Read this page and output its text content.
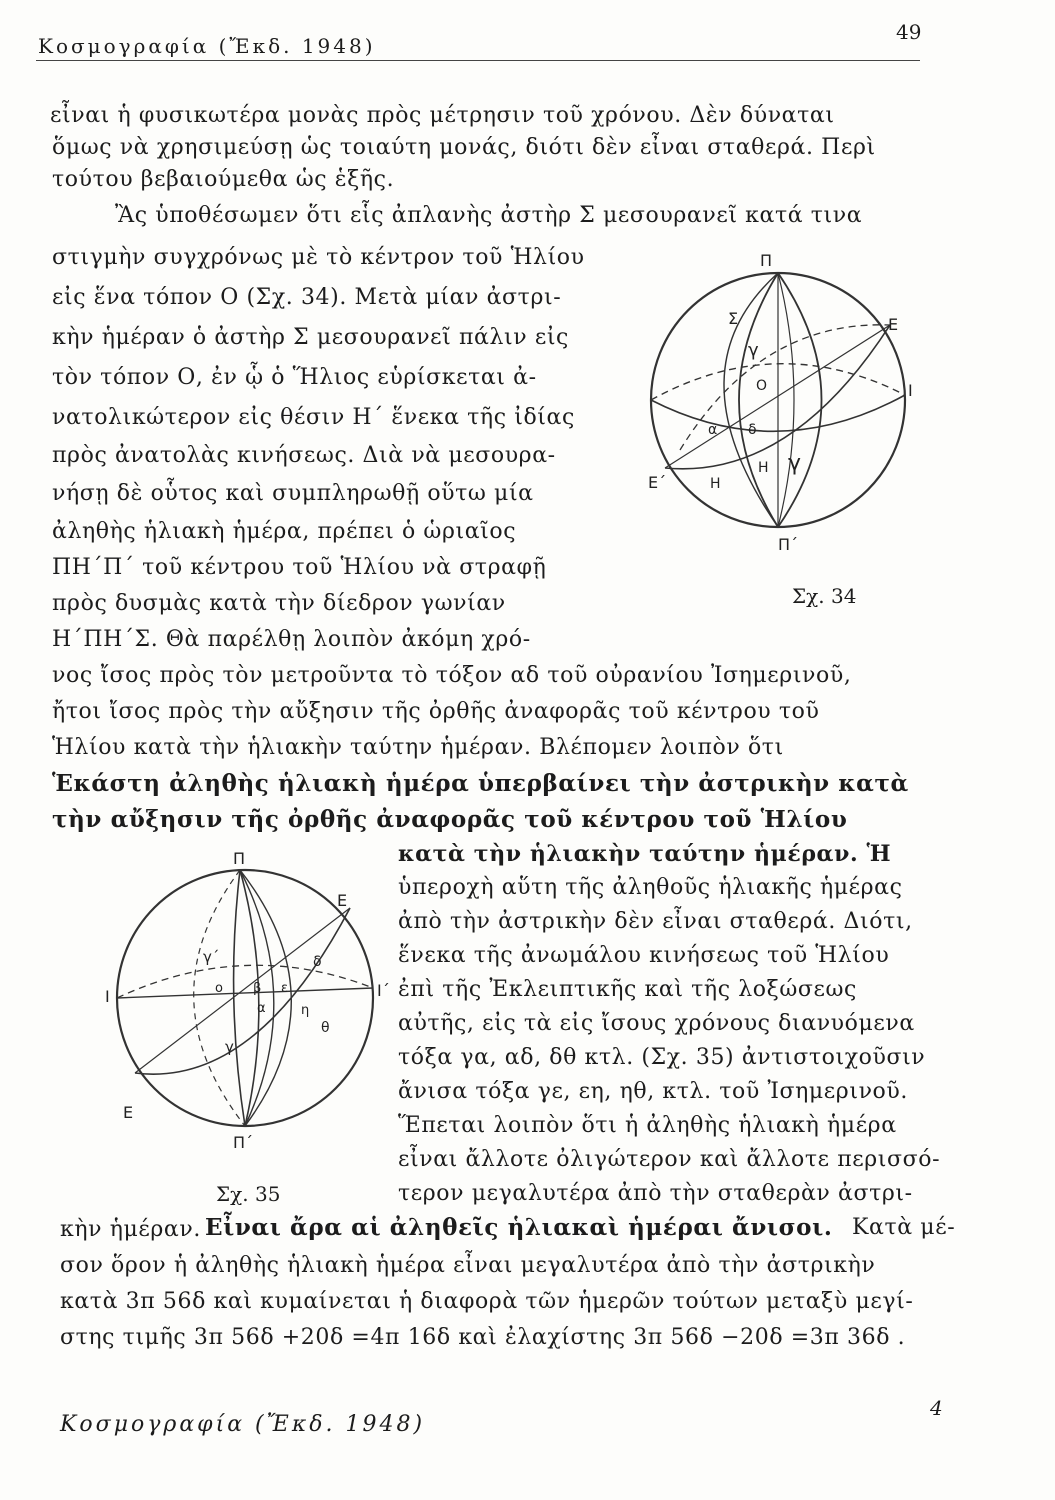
Κοσμογραφία (Ἔκδ. 1948)
49
εἶναι ἡ φυσικωτέρα μονὰς πρὸς μέτρησιν τοῦ χρόνου. Δὲν δύναται
ὅμως νὰ χρησιμεύσῃ ὡς τοιαύτη μονάς, διότι δὲν εἶναι σταθερά. Περὶ
τούτου βεβαιούμεθα ὡς ἑξῆς.
Ἂς ὑποθέσωμεν ὅτι εἷς ἀπλανὴς ἀστὴρ Σ μεσουρανεῖ κατά τινα
στιγμὴν συγχρόνως μὲ τὸ κέντρον τοῦ Ἡλίου
εἰς ἕνα τόπον Ο (Σχ. 34). Μετὰ μίαν ἀστρι-
κὴν ἡμέραν ὁ ἀστὴρ Σ μεσουρανεῖ πάλιν εἰς
τὸν τόπον Ο, ἐν ᾧ ὁ Ἥλιος εὑρίσκεται ἀ-
νατολικώτερον εἰς θέσιν Η΄ ἕνεκα τῆς ἰδίας
πρὸς ἀνατολὰς κινήσεως. Διὰ νὰ μεσουρα-
νήσῃ δὲ οὗτος καὶ συμπληρωθῇ οὕτω μία
ἀληθὴς ἡλιακὴ ἡμέρα, πρέπει ὁ ὡριαῖος
ΠΗ΄Π΄ τοῦ κέντρου τοῦ Ἡλίου νὰ στραφῇ
πρὸς δυσμὰς κατὰ τὴν δίεδρον γωνίαν
Η΄ΠΗ΄Σ. Θὰ παρέλθῃ λοιπὸν ἀκόμη χρό-
νος ἴσος πρὸς τὸν μετροῦντα τὸ τόξον αδ τοῦ οὐρανίου Ἰσημερινοῦ,
ἤτοι ἴσος πρὸς τὴν αὔξησιν τῆς ὀρθῆς ἀναφορᾶς τοῦ κέντρου τοῦ
Ἡλίου κατὰ τὴν ἡλιακὴν ταύτην ἡμέραν. Βλέπομεν λοιπὸν ὅτι
Ἑκάστη ἀληθὴς ἡλιακὴ ἡμέρα ὑπερβαίνει τὴν ἀστρικὴν κατὰ
τὴν αὔξησιν τῆς ὀρθῆς ἀναφορᾶς τοῦ κέντρου τοῦ Ἡλίου
κατὰ τὴν ἡλιακὴν ταύτην ἡμέραν. Ἡ
ὑπεροχὴ αὕτη τῆς ἀληθοῦς ἡλιακῆς ἡμέρας
ἀπὸ τὴν ἀστρικὴν δὲν εἶναι σταθερά. Διότι,
ἕνεκα τῆς ἀνωμάλου κινήσεως τοῦ Ἡλίου
ἐπὶ τῆς Ἐκλειπτικῆς καὶ τῆς λοξώσεως
αὐτῆς, εἰς τὰ εἰς ἴσους χρόνους διανυόμενα
τόξα γα, αδ, δθ κτλ. (Σχ. 35) ἀντιστοιχοῦσιν
ἄνισα τόξα γε, εη, ηθ, κτλ. τοῦ Ἰσημερινοῦ.
Ἕπεται λοιπὸν ὅτι ἡ ἀληθὴς ἡλιακὴ ἡμέρα
εἶναι ἄλλοτε ὀλιγώτερον καὶ ἄλλοτε περισσό-
τερον μεγαλυτέρα ἀπὸ τὴν σταθερὰν ἀστρι-
κὴν ἡμέραν. Εἶναι ἄρα αἱ ἀληθεῖς ἡλιακαὶ ἡμέραι ἄνισοι. Κατὰ μέ-
σον ὅρον ἡ ἀληθὴς ἡλιακὴ ἡμέρα εἶναι μεγαλυτέρα ἀπὸ τὴν ἀστρικὴν
κατὰ 3π 56δ καὶ κυμαίνεται ἡ διαφορὰ τῶν ἡμερῶν τούτων μεταξὺ μεγί-
στης τιμῆς 3π 56δ +20δ =4π 16δ καὶ ἐλαχίστης 3π 56δ −20δ =3π 36δ .
Π
Π΄
Σ	Ε
Ε΄
Ι
Ο
Η
Η
α δ
γ
γ
Σχ. 34
Π
Π΄
Ε
Ε
Ι	Ι΄
ο
γ΄
γ
α
β
δ
ε
η
θ
Σχ. 35
Κοσμογραφία (Ἔκδ. 1948)
4
